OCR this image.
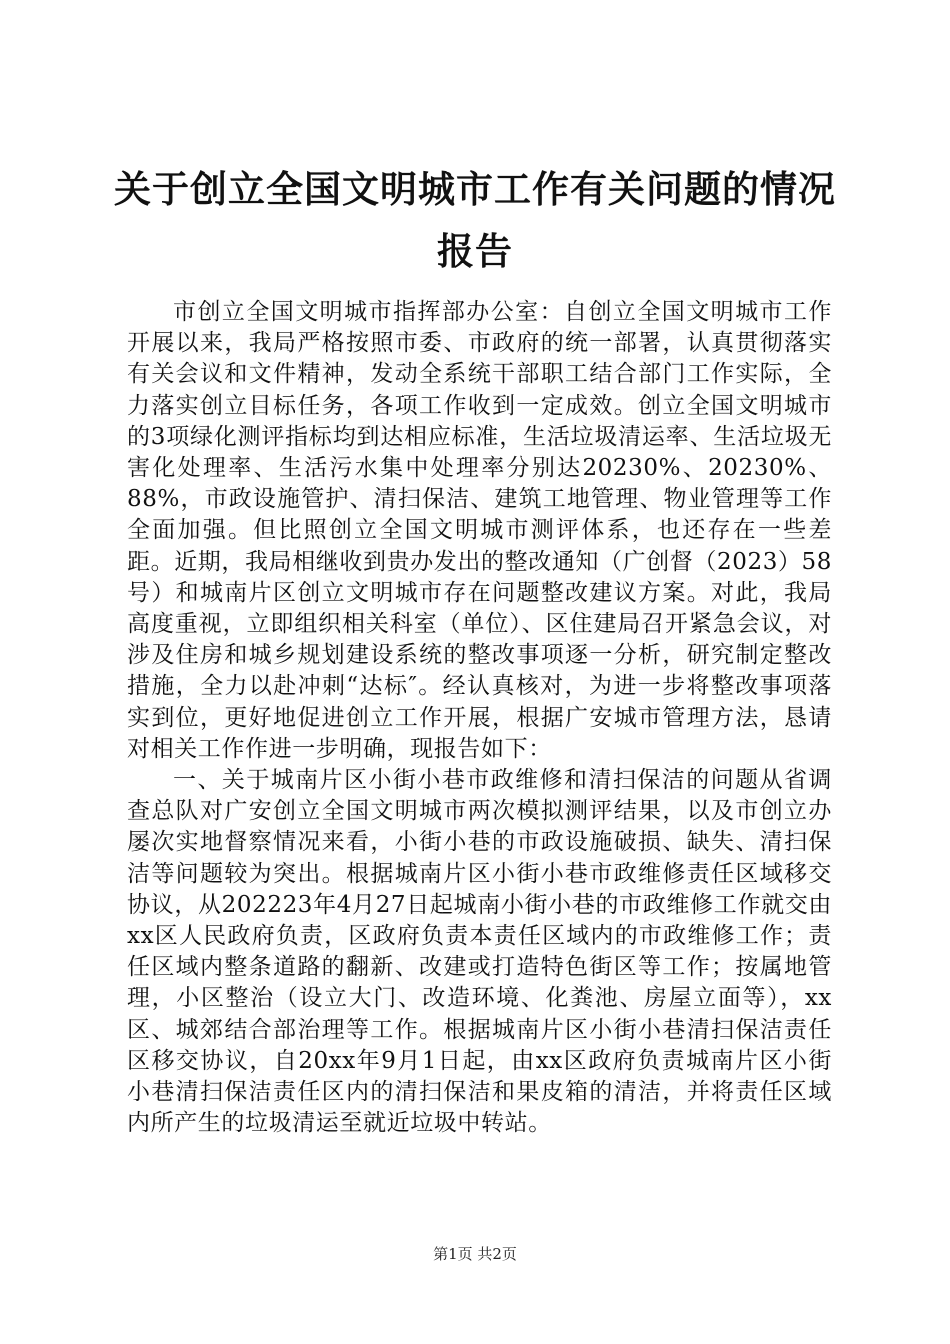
关于创立全国文明城市工作有关问题的情况报告

市创立全国文明城市指挥部办公室：自创立全国文明城市工作开展以来，我局严格按照市委、市政府的统一部署，认真贯彻落实有关会议和文件精神，发动全系统干部职工结合部门工作实际，全力落实创立目标任务，各项工作收到一定成效。创立全国文明城市的3项绿化测评指标均到达相应标准，生活垃圾清运率、生活垃圾无害化处理率、生活污水集中处理率分别达20230%、20230%、88%，市政设施管护、清扫保洁、建筑工地管理、物业管理等工作全面加强。但比照创立全国文明城市测评体系，也还存在一些差距。近期，我局相继收到贵办发出的整改通知（广创督（2023）58号）和城南片区创立文明城市存在问题整改建议方案。对此，我局高度重视，立即组织相关科室（单位）、区住建局召开紧急会议，对涉及住房和城乡规划建设系统的整改事项逐一分析，研究制定整改措施，全力以赴冲刺“达标″。经认真核对，为进一步将整改事项落实到位，更好地促进创立工作开展，根据广安城市管理方法，恳请对相关工作作进一步明确，现报告如下：

一、关于城南片区小街小巷市政维修和清扫保洁的问题从省调查总队对广安创立全国文明城市两次模拟测评结果，以及市创立办屡次实地督察情况来看，小街小巷的市政设施破损、缺失、清扫保洁等问题较为突出。根据城南片区小街小巷市政维修责任区域移交协议，从202223年4月27日起城南小街小巷的市政维修工作就交由xx区人民政府负责，区政府负责本责任区域内的市政维修工作；责任区域内整条道路的翻新、改建或打造特色街区等工作；按属地管理，小区整治（设立大门、改造环境、化粪池、房屋立面等），xx区、城郊结合部治理等工作。根据城南片区小街小巷清扫保洁责任区移交协议，自20xx年9月1日起，由xx区政府负责城南片区小街小巷清扫保洁责任区内的清扫保洁和果皮箱的清洁，并将责任区域内所产生的垃圾清运至就近垃圾中转站。

第1页 共2页
